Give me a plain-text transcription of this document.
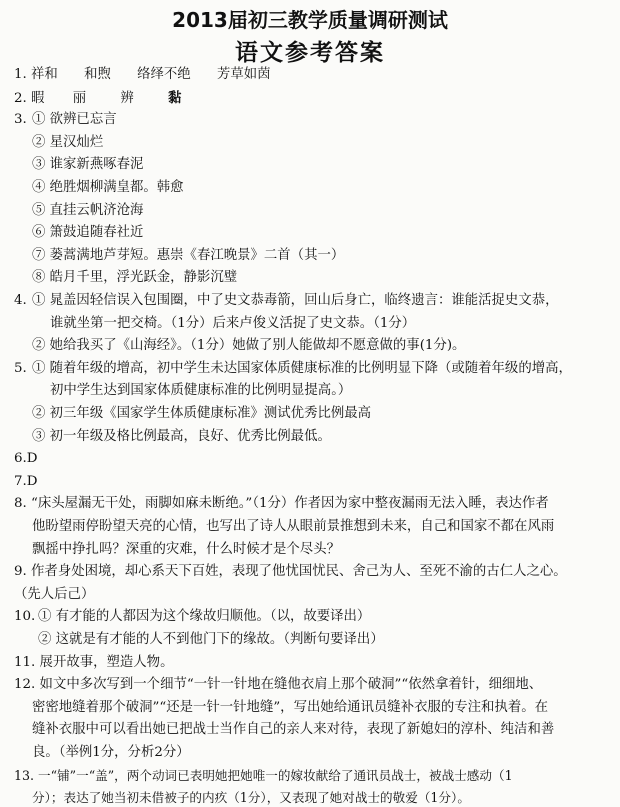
2013届初三教学质量调研测试
语文参考答案
1. 祥和 和煦 络绎不绝 芳草如茵
2. 暇 丽	辨	黏
3. ① 欲辨已忘言
② 星汉灿烂
③ 谁家新燕啄春泥
④ 绝胜烟柳满皇都。韩愈
⑤ 直挂云帆济沧海
⑥ 箫鼓追随春社近
⑦ 蒌蒿满地芦芽短。惠崇《春江晚景》二首（其一）
⑧ 皓月千里，浮光跃金，静影沉璧
4. ① 晁盖因轻信误入包围圈，中了史文恭毒箭，回山后身亡，临终遗言：谁能活捉史文恭，
谁就坐第一把交椅。（1分）后来卢俊义活捉了史文恭。（1分）
② 她给我买了《山海经》。（1分）她做了别人能做却不愿意做的事(1分)。
5. ① 随着年级的增高，初中学生未达国家体质健康标准的比例明显下降（或随着年级的增高，
初中学生达到国家体质健康标准的比例明显提高。）
② 初三年级《国家学生体质健康标准》测试优秀比例最高
③ 初一年级及格比例最高，良好、优秀比例最低。
6.D
7.D
8. “床头屋漏无干处，雨脚如麻未断绝。”（1分）作者因为家中整夜漏雨无法入睡，表达作者
他盼望雨停盼望天亮的心情，也写出了诗人从眼前景推想到未来，自己和国家不都在风雨
飘摇中挣扎吗？深重的灾难，什么时候才是个尽头？
9. 作者身处困境，却心系天下百姓，表现了他忧国忧民、舍己为人、至死不渝的古仁人之心。
（先人后己）
10. ① 有才能的人都因为这个缘故归顺他。（以，故要译出）
② 这就是有才能的人不到他门下的缘故。（判断句要译出）
11. 展开故事，塑造人物。
12. 如文中多次写到一个细节“一针一针地在缝他衣肩上那个破洞”“依然拿着针，细细地、
密密地缝着那个破洞”“还是一针一针地缝”，写出她给通讯员缝补衣服的专注和执着。在
缝补衣服中可以看出她已把战士当作自己的亲人来对待，表现了新媳妇的淳朴、纯洁和善
良。（举例1分，分析2分）
13. 一“铺”一“盖”，两个动词已表明她把她唯一的嫁妆献给了通讯员战士，被战士感动（1
分）；表达了她当初未借被子的内疚（1分），又表现了她对战士的敬爱（1分）。
